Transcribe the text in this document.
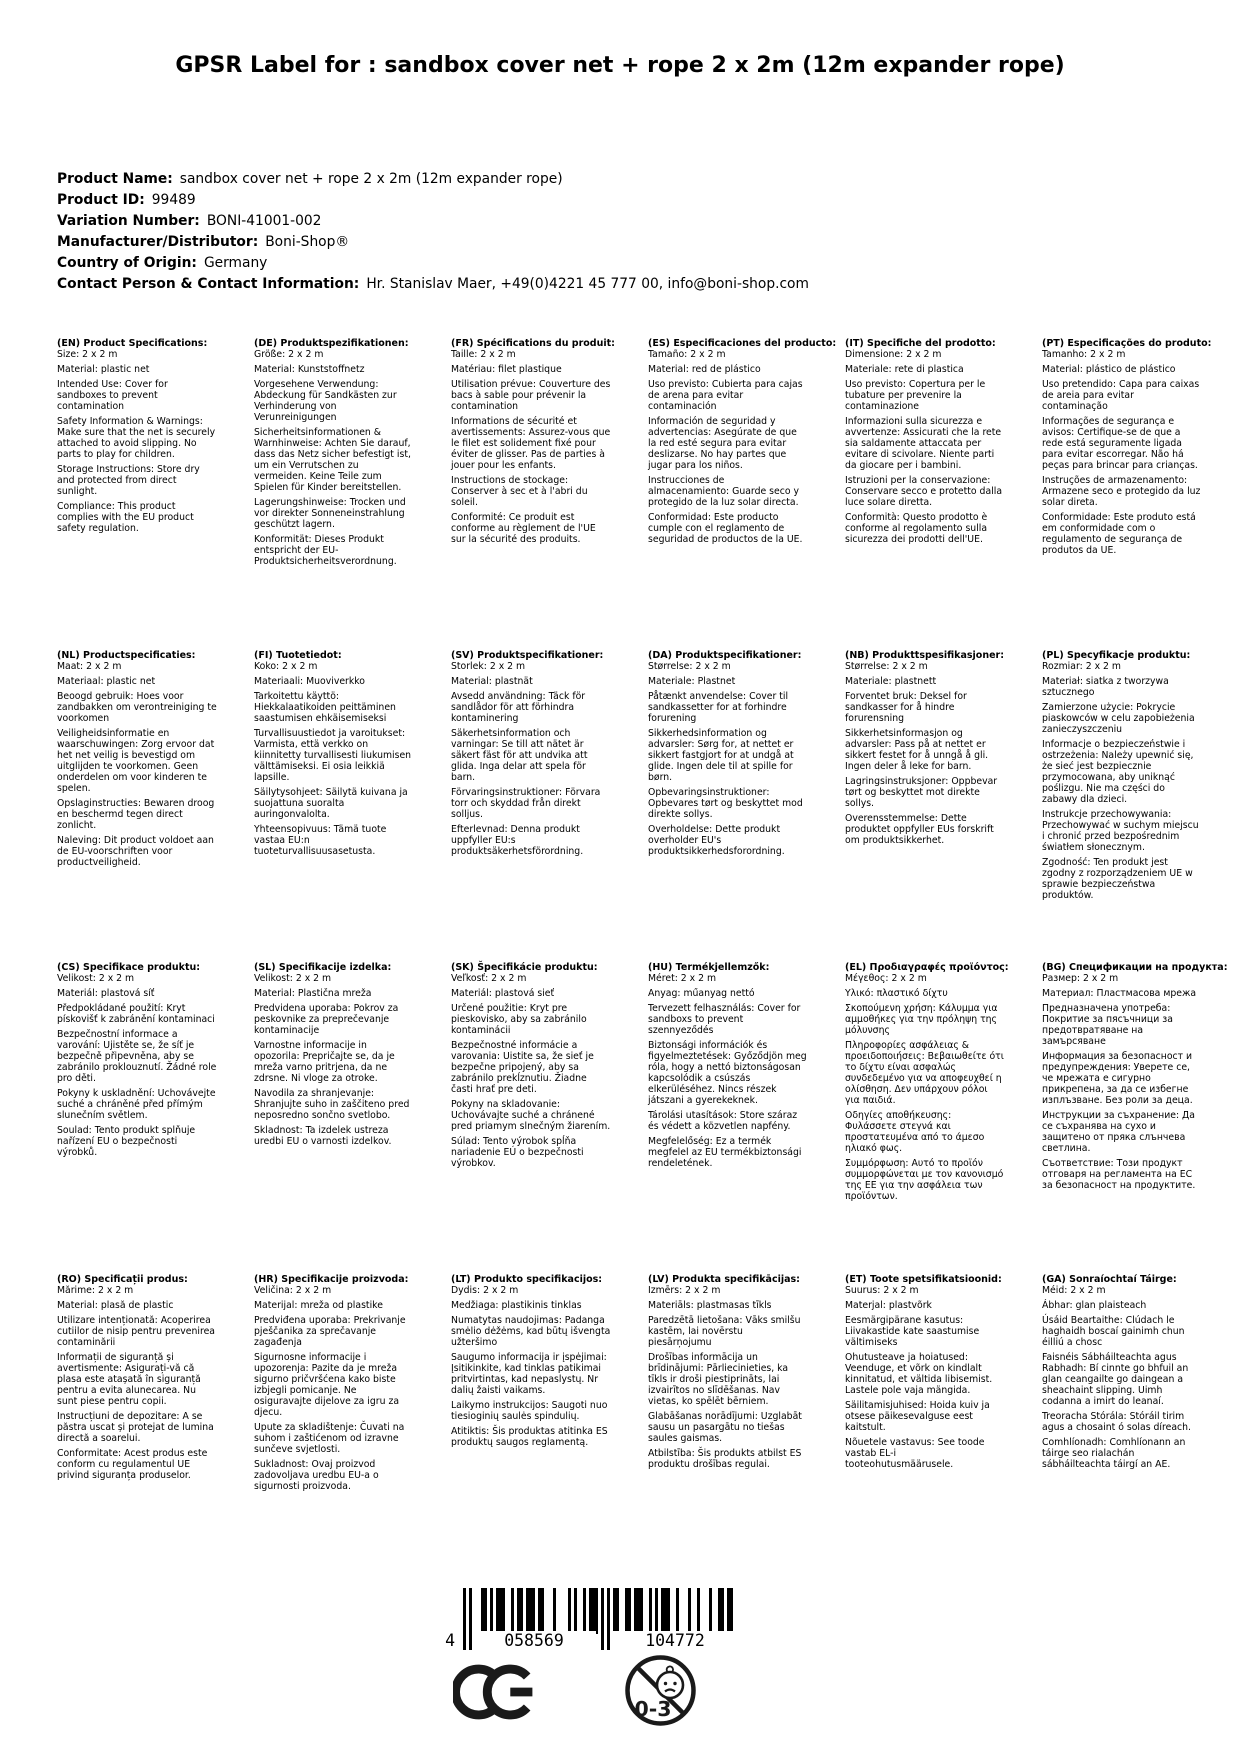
GPSR Label for : sandbox cover net + rope 2 x 2m (12m expander rope)
Product Name: sandbox cover net + rope 2 x 2m (12m expander rope)
Product ID: 99489
Variation Number: BONI-41001-002
Manufacturer/Distributor: Boni-Shop®
Country of Origin: Germany
Contact Person & Contact Information: Hr. Stanislav Maer, +49(0)4221 45 777 00, info@boni-shop.com
(EN) Product Specifications:

Size: 2 x 2 m

Material: plastic net

Intended Use: Cover for sandboxes to prevent contamination

Safety Information & Warnings: Make sure that the net is securely attached to avoid slipping. No parts to play for children.

Storage Instructions: Store dry and protected from direct sunlight.

Compliance: This product complies with the EU product safety regulation.

(DE) Produktspezifikationen:

Größe: 2 x 2 m

Material: Kunststoffnetz

Vorgesehene Verwendung: Abdeckung für Sandkästen zur Verhinderung von Verunreinigungen

Sicherheitsinformationen & Warnhinweise: Achten Sie darauf, dass das Netz sicher befestigt ist, um ein Verrutschen zu vermeiden. Keine Teile zum Spielen für Kinder bereitstellen.

Lagerungshinweise: Trocken und vor direkter Sonneneinstrahlung geschützt lagern.

Konformität: Dieses Produkt entspricht der EU-Produktsicherheitsverordnung.

(FR) Spécifications du produit:

Taille: 2 x 2 m

Matériau: filet plastique

Utilisation prévue: Couverture des bacs à sable pour prévenir la contamination

Informations de sécurité et avertissements: Assurez-vous que le filet est solidement fixé pour éviter de glisser. Pas de parties à jouer pour les enfants.

Instructions de stockage: Conserver à sec et à l'abri du soleil.

Conformité: Ce produit est conforme au règlement de l'UE sur la sécurité des produits.

(ES) Especificaciones del producto:

Tamaño: 2 x 2 m

Material: red de plástico

Uso previsto: Cubierta para cajas de arena para evitar contaminación

Información de seguridad y advertencias: Asegúrate de que la red esté segura para evitar deslizarse. No hay partes que jugar para los niños.

Instrucciones de almacenamiento: Guarde seco y protegido de la luz solar directa.

Conformidad: Este producto cumple con el reglamento de seguridad de productos de la UE.

(IT) Specifiche del prodotto:

Dimensione: 2 x 2 m

Materiale: rete di plastica

Uso previsto: Copertura per le tubature per prevenire la contaminazione

Informazioni sulla sicurezza e avvertenze: Assicurati che la rete sia saldamente attaccata per evitare di scivolare. Niente parti da giocare per i bambini.

Istruzioni per la conservazione: Conservare secco e protetto dalla luce solare diretta.

Conformità: Questo prodotto è conforme al regolamento sulla sicurezza dei prodotti dell'UE.

(PT) Especificações do produto:

Tamanho: 2 x 2 m

Material: plástico de plástico

Uso pretendido: Capa para caixas de areia para evitar contaminação

Informações de segurança e avisos: Certifique-se de que a rede está seguramente ligada para evitar escorregar. Não há peças para brincar para crianças.

Instruções de armazenamento: Armazene seco e protegido da luz solar direta.

Conformidade: Este produto está em conformidade com o regulamento de segurança de produtos da UE.

(NL) Productspecificaties:

Maat: 2 x 2 m

Materiaal: plastic net

Beoogd gebruik: Hoes voor zandbakken om verontreiniging te voorkomen

Veiligheidsinformatie en waarschuwingen: Zorg ervoor dat het net veilig is bevestigd om uitglijden te voorkomen. Geen onderdelen om voor kinderen te spelen.

Opslaginstructies: Bewaren droog en beschermd tegen direct zonlicht.

Naleving: Dit product voldoet aan de EU-voorschriften voor productveiligheid.

(FI) Tuotetiedot:

Koko: 2 x 2 m

Materiaali: Muoviverkko

Tarkoitettu käyttö: Hiekkalaatikoiden peittäminen saastumisen ehkäisemiseksi

Turvallisuustiedot ja varoitukset: Varmista, että verkko on kiinnitetty turvallisesti liukumisen välttämiseksi. Ei osia leikkiä lapsille.

Säilytysohjeet: Säilytä kuivana ja suojattuna suoralta auringonvalolta.

Yhteensopivuus: Tämä tuote vastaa EU:n tuoteturvallisuusasetusta.

(SV) Produktspecifikationer:

Storlek: 2 x 2 m

Material: plastnät

Avsedd användning: Täck för sandlådor för att förhindra kontaminering

Säkerhetsinformation och varningar: Se till att nätet är säkert fäst för att undvika att glida. Inga delar att spela för barn.

Förvaringsinstruktioner: Förvara torr och skyddad från direkt solljus.

Efterlevnad: Denna produkt uppfyller EU:s produktsäkerhetsförordning.

(DA) Produktspecifikationer:

Størrelse: 2 x 2 m

Materiale: Plastnet

Påtænkt anvendelse: Cover til sandkassetter for at forhindre forurening

Sikkerhedsinformation og advarsler: Sørg for, at nettet er sikkert fastgjort for at undgå at glide. Ingen dele til at spille for børn.

Opbevaringsinstruktioner: Opbevares tørt og beskyttet mod direkte sollys.

Overholdelse: Dette produkt overholder EU's produktsikkerhedsforordning.

(NB) Produkttspesifikasjoner:

Størrelse: 2 x 2 m

Materiale: plastnett

Forventet bruk: Deksel for sandkasser for å hindre forurensning

Sikkerhetsinformasjon og advarsler: Pass på at nettet er sikkert festet for å unngå å gli. Ingen deler å leke for barn.

Lagringsinstruksjoner: Oppbevar tørt og beskyttet mot direkte sollys.

Overensstemmelse: Dette produktet oppfyller EUs forskrift om produktsikkerhet.

(PL) Specyfikacje produktu:

Rozmiar: 2 x 2 m

Materiał: siatka z tworzywa sztucznego

Zamierzone użycie: Pokrycie piaskowców w celu zapobieżenia zanieczyszczeniu

Informacje o bezpieczeństwie i ostrzeżenia: Należy upewnić się, że sieć jest bezpiecznie przymocowana, aby uniknąć poślizgu. Nie ma części do zabawy dla dzieci.

Instrukcje przechowywania: Przechowywać w suchym miejscu i chronić przed bezpośrednim światłem słonecznym.

Zgodność: Ten produkt jest zgodny z rozporządzeniem UE w sprawie bezpieczeństwa produktów.

(CS) Specifikace produktu:

Velikost: 2 x 2 m

Materiál: plastová síť

Předpokládané použití: Kryt pískovišť k zabránění kontaminaci

Bezpečnostní informace a varování: Ujistěte se, že síť je bezpečně připevněna, aby se zabránilo proklouznutí. Žádné role pro děti.

Pokyny k uskladnění: Uchovávejte suché a chráněné před přímým slunečním světlem.

Soulad: Tento produkt splňuje nařízení EU o bezpečnosti výrobků.

(SL) Specifikacije izdelka:

Velikost: 2 x 2 m

Material: Plastična mreža

Predvidena uporaba: Pokrov za peskovnike za preprečevanje kontaminacije

Varnostne informacije in opozorila: Prepričajte se, da je mreža varno pritrjena, da ne zdrsne. Ni vloge za otroke.

Navodila za shranjevanje: Shranjujte suho in zaščiteno pred neposredno sončno svetlobo.

Skladnost: Ta izdelek ustreza uredbi EU o varnosti izdelkov.

(SK) Špecifikácie produktu:

Veľkosť: 2 x 2 m

Materiál: plastová sieť

Určené použitie: Kryt pre pieskovisko, aby sa zabránilo kontaminácii

Bezpečnostné informácie a varovania: Uistite sa, že sieť je bezpečne pripojený, aby sa zabránilo prekĺznutiu. Žiadne časti hrať pre deti.

Pokyny na skladovanie: Uchovávajte suché a chránené pred priamym slnečným žiarením.

Súlad: Tento výrobok spĺňa nariadenie EÚ o bezpečnosti výrobkov.

(HU) Termékjellemzők:

Méret: 2 x 2 m

Anyag: műanyag nettó

Tervezett felhasználás: Cover for sandboxs to prevent szennyeződés

Biztonsági információk és figyelmeztetések: Győződjön meg róla, hogy a nettó biztonságosan kapcsolódik a csúszás elkerüléséhez. Nincs részek játszani a gyerekeknek.

Tárolási utasítások: Store száraz és védett a közvetlen napfény.

Megfelelőség: Ez a termék megfelel az EU termékbiztonsági rendeletének.

(EL) Προδιαγραφές προϊόντος:

Μέγεθος: 2 x 2 m

Υλικό: πλαστικό δίχτυ

Σκοπούμενη χρήση: Κάλυμμα για αμμοθήκες για την πρόληψη της μόλυνσης

Πληροφορίες ασφάλειας & προειδοποιήσεις: Βεβαιωθείτε ότι το δίχτυ είναι ασφαλώς συνδεδεμένο για να αποφευχθεί η ολίσθηση. Δεν υπάρχουν ρόλοι για παιδιά.

Οδηγίες αποθήκευσης: Φυλάσσετε στεγνά και προστατευμένα από το άμεσο ηλιακό φως.

Συμμόρφωση: Αυτό το προϊόν συμμορφώνεται με τον κανονισμό της ΕΕ για την ασφάλεια των προϊόντων.

(BG) Спецификации на продукта:

Размер: 2 x 2 m

Материал: Пластмасова мрежа

Предназначена употреба: Покритие за пясъчници за предотвратяване на замърсяване

Информация за безопасност и предупреждения: Уверете се, че мрежата е сигурно прикрепена, за да се избегне изплъзване. Без роли за деца.

Инструкции за съхранение: Да се съхранява на сухо и защитено от пряка слънчева светлина.

Съответствие: Този продукт отговаря на регламента на ЕС за безопасност на продуктите.

(RO) Specificații produs:

Mărime: 2 x 2 m

Material: plasă de plastic

Utilizare intenționată: Acoperirea cutiilor de nisip pentru prevenirea contaminării

Informații de siguranță și avertismente: Asigurați-vă că plasa este atașată în siguranță pentru a evita alunecarea. Nu sunt piese pentru copii.

Instrucțiuni de depozitare: A se păstra uscat și protejat de lumina directă a soarelui.

Conformitate: Acest produs este conform cu regulamentul UE privind siguranța produselor.

(HR) Specifikacije proizvoda:

Veličina: 2 x 2 m

Materijal: mreža od plastike

Predviđena uporaba: Prekrivanje pješčanika za sprečavanje zagađenja

Sigurnosne informacije i upozorenja: Pazite da je mreža sigurno pričvršćena kako biste izbjegli pomicanje. Ne osiguravajte dijelove za igru za djecu.

Upute za skladištenje: Čuvati na suhom i zaštićenom od izravne sunčeve svjetlosti.

Sukladnost: Ovaj proizvod zadovoljava uredbu EU-a o sigurnosti proizvoda.

(LT) Produkto specifikacijos:

Dydis: 2 x 2 m

Medžiaga: plastikinis tinklas

Numatytas naudojimas: Padanga smėlio dėžėms, kad būtų išvengta užteršimo

Saugumo informacija ir įspėjimai: Įsitikinkite, kad tinklas patikimai pritvirtintas, kad nepaslystų. Nr dalių žaisti vaikams.

Laikymo instrukcijos: Saugoti nuo tiesioginių saulės spindulių.

Atitiktis: Šis produktas atitinka ES produktų saugos reglamentą.

(LV) Produkta specifikācijas:

Izmērs: 2 x 2 m

Materiāls: plastmasas tīkls

Paredzētā lietošana: Vāks smilšu kastēm, lai novērstu piesārņojumu

Drošības informācija un brīdinājumi: Pārliecinieties, ka tīkls ir droši piestiprināts, lai izvairītos no slīdēšanas. Nav vietas, ko spēlēt bērniem.

Glabāšanas norādījumi: Uzglabāt sausu un pasargātu no tiešas saules gaismas.

Atbilstība: Šis produkts atbilst ES produktu drošības regulai.

(ET) Toote spetsifikatsioonid:

Suurus: 2 x 2 m

Materjal: plastvõrk

Eesmärgipärane kasutus: Liivakastide kate saastumise vältimiseks

Ohutusteave ja hoiatused: Veenduge, et võrk on kindlalt kinnitatud, et vältida libisemist. Lastele pole vaja mängida.

Säilitamisjuhised: Hoida kuiv ja otsese päikesevalguse eest kaitstult.

Nõuetele vastavus: See toode vastab EL-i tooteohutusmäärusele.

(GA) Sonraíochtaí Táirge:

Méid: 2 x 2 m

Ábhar: glan plaisteach

Úsáid Beartaithe: Clúdach le haghaidh boscaí gainimh chun éilliú a chosc

Faisnéis Sábháilteachta agus Rabhadh: Bí cinnte go bhfuil an glan ceangailte go daingean a sheachaint slipping. Uimh codanna a imirt do leanaí.

Treoracha Stórála: Stóráil tirim agus a chosaint ó solas díreach.

Comhlíonadh: Comhlíonann an táirge seo rialachán sábháilteachta táirgí an AE.

4	058569	104772
0-3
